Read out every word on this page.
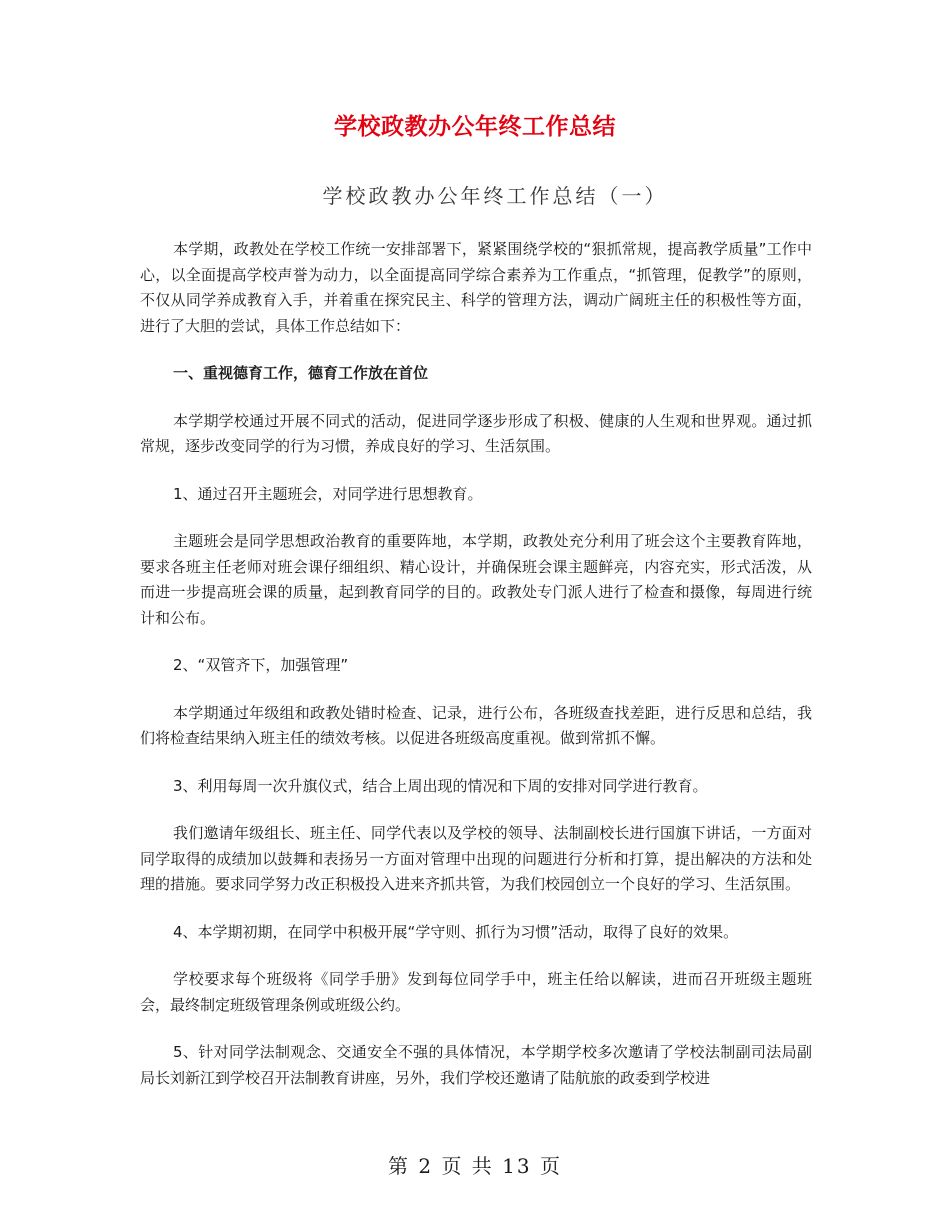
学校政教办公年终工作总结
学校政教办公年终工作总结（一）

本学期，政教处在学校工作统一安排部署下，紧紧围绕学校的“狠抓常规，提高教学质量”工作中心，以全面提高学校声誉为动力，以全面提高同学综合素养为工作重点，“抓管理，促教学”的原则，不仅从同学养成教育入手，并着重在探究民主、科学的管理方法，调动广阔班主任的积极性等方面，进行了大胆的尝试，具体工作总结如下：

一、重视德育工作，德育工作放在首位

本学期学校通过开展不同式的活动，促进同学逐步形成了积极、健康的人生观和世界观。通过抓常规，逐步改变同学的行为习惯，养成良好的学习、生活氛围。

1、通过召开主题班会，对同学进行思想教育。

主题班会是同学思想政治教育的重要阵地，本学期，政教处充分利用了班会这个主要教育阵地，要求各班主任老师对班会课仔细组织、精心设计，并确保班会课主题鲜亮，内容充实，形式活泼，从而进一步提高班会课的质量，起到教育同学的目的。政教处专门派人进行了检查和摄像，每周进行统计和公布。

2、“双管齐下，加强管理”

本学期通过年级组和政教处错时检查、记录，进行公布，各班级查找差距，进行反思和总结，我们将检查结果纳入班主任的绩效考核。以促进各班级高度重视。做到常抓不懈。

3、利用每周一次升旗仪式，结合上周出现的情况和下周的安排对同学进行教育。

我们邀请年级组长、班主任、同学代表以及学校的领导、法制副校长进行国旗下讲话，一方面对同学取得的成绩加以鼓舞和表扬另一方面对管理中出现的问题进行分析和打算，提出解决的方法和处理的措施。要求同学努力改正积极投入进来齐抓共管，为我们校园创立一个良好的学习、生活氛围。

4、本学期初期，在同学中积极开展“学守则、抓行为习惯”活动，取得了良好的效果。

学校要求每个班级将《同学手册》发到每位同学手中，班主任给以解读，进而召开班级主题班会，最终制定班级管理条例或班级公约。

5、针对同学法制观念、交通安全不强的具体情况，本学期学校多次邀请了学校法制副司法局副局长刘新江到学校召开法制教育讲座，另外，我们学校还邀请了陆航旅的政委到学校进

第 2 页 共 13 页
